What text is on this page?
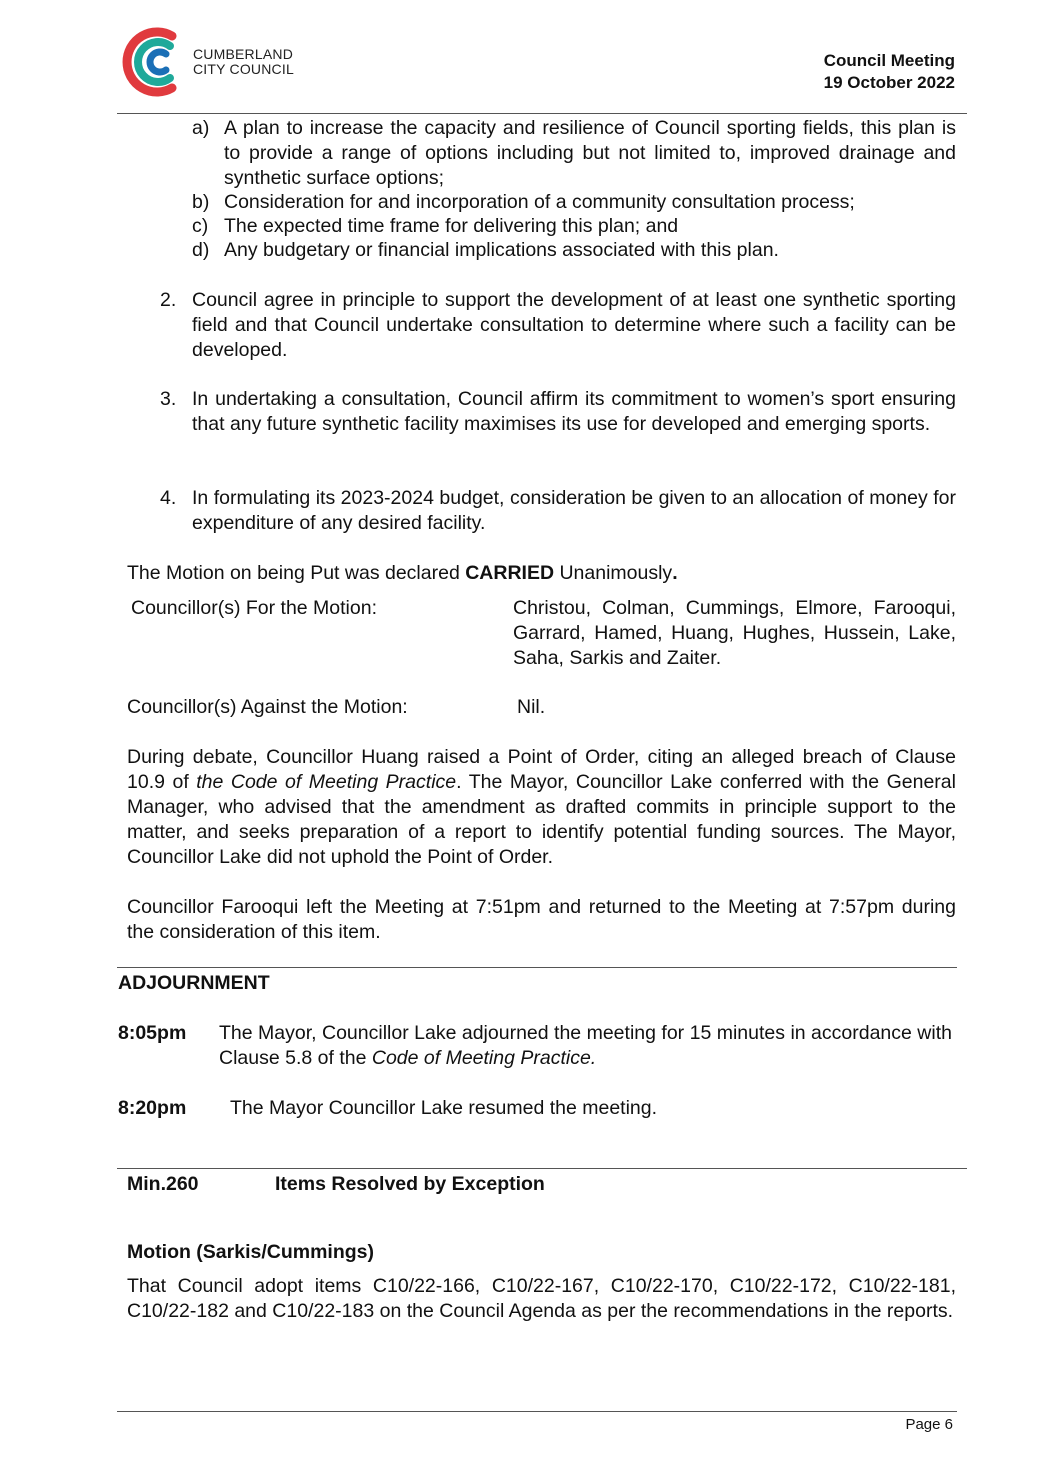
CUMBERLAND
CITY COUNCIL	Council Meeting
19 October 2022
a) A plan to increase the capacity and resilience of Council sporting fields, this plan is to provide a range of options including but not limited to, improved drainage and synthetic surface options;
b) Consideration for and incorporation of a community consultation process;
c) The expected time frame for delivering this plan; and
d) Any budgetary or financial implications associated with this plan.
2. Council agree in principle to support the development of at least one synthetic sporting field and that Council undertake consultation to determine where such a facility can be developed.
3. In undertaking a consultation, Council affirm its commitment to women’s sport ensuring that any future synthetic facility maximises its use for developed and emerging sports.
4. In formulating its 2023-2024 budget, consideration be given to an allocation of money for expenditure of any desired facility.
The Motion on being Put was declared CARRIED Unanimously.
Councillor(s) For the Motion:	Christou, Colman, Cummings, Elmore, Farooqui, Garrard, Hamed, Huang, Hughes, Hussein, Lake, Saha, Sarkis and Zaiter.
Councillor(s) Against the Motion:	Nil.
During debate, Councillor Huang raised a Point of Order, citing an alleged breach of Clause 10.9 of the Code of Meeting Practice. The Mayor, Councillor Lake conferred with the General Manager, who advised that the amendment as drafted commits in principle support to the matter, and seeks preparation of a report to identify potential funding sources. The Mayor, Councillor Lake did not uphold the Point of Order.
Councillor Farooqui left the Meeting at 7:51pm and returned to the Meeting at 7:57pm during the consideration of this item.
ADJOURNMENT
8:05pm The Mayor, Councillor Lake adjourned the meeting for 15 minutes in accordance with Clause 5.8 of the Code of Meeting Practice.
8:20pm The Mayor Councillor Lake resumed the meeting.
Min.260	Items Resolved by Exception
Motion (Sarkis/Cummings)
That Council adopt items C10/22-166, C10/22-167, C10/22-170, C10/22-172, C10/22-181, C10/22-182 and C10/22-183 on the Council Agenda as per the recommendations in the reports.
Page 6
